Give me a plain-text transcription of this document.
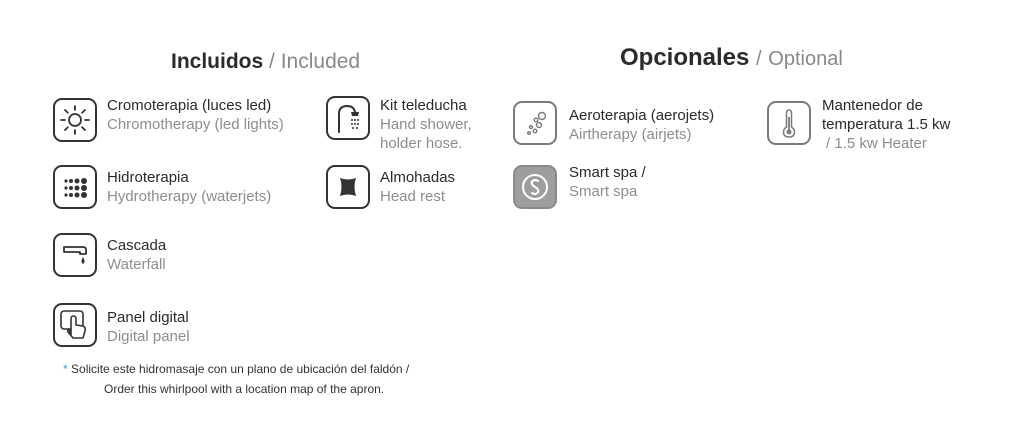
Incluidos / Included	Opcionales / Optional
Cromoterapia (luces led)
Chromotherapy (led lights)
Kit teleducha
Hand shower,
holder hose.
Hidroterapia
Hydrotherapy (waterjets)
Almohadas
Head rest
Cascada
Waterfall
Panel digital
Digital panel
Aeroterapia (aerojets)
Airtherapy (airjets)
Mantenedor de
temperatura 1.5 kw
/ 1.5 kw Heater
Smart spa /
Smart spa
* Solicite este hidromasaje con un plano de ubicación del faldón /
Order this whirlpool with a location map of the apron.
